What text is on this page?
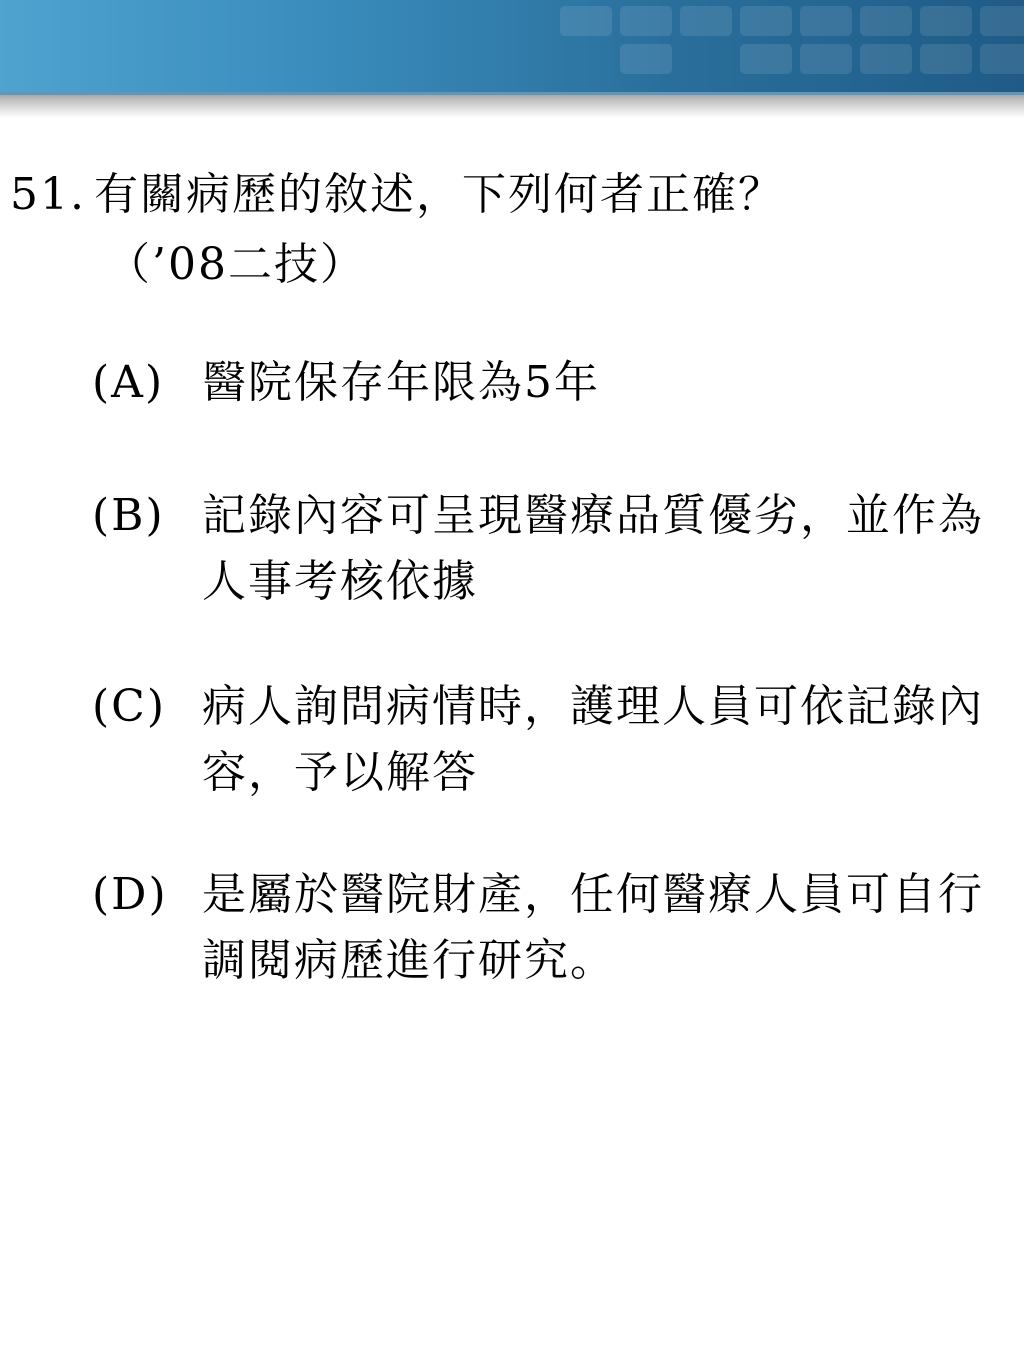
51. 有關病歷的敘述，下列何者正確？
（’08二技）
(A) 醫院保存年限為5年
(B) 記錄內容可呈現醫療品質優劣，並作為人事考核依據
(C) 病人詢問病情時，護理人員可依記錄內容，予以解答
(D) 是屬於醫院財產，任何醫療人員可自行調閱病歷進行研究。
